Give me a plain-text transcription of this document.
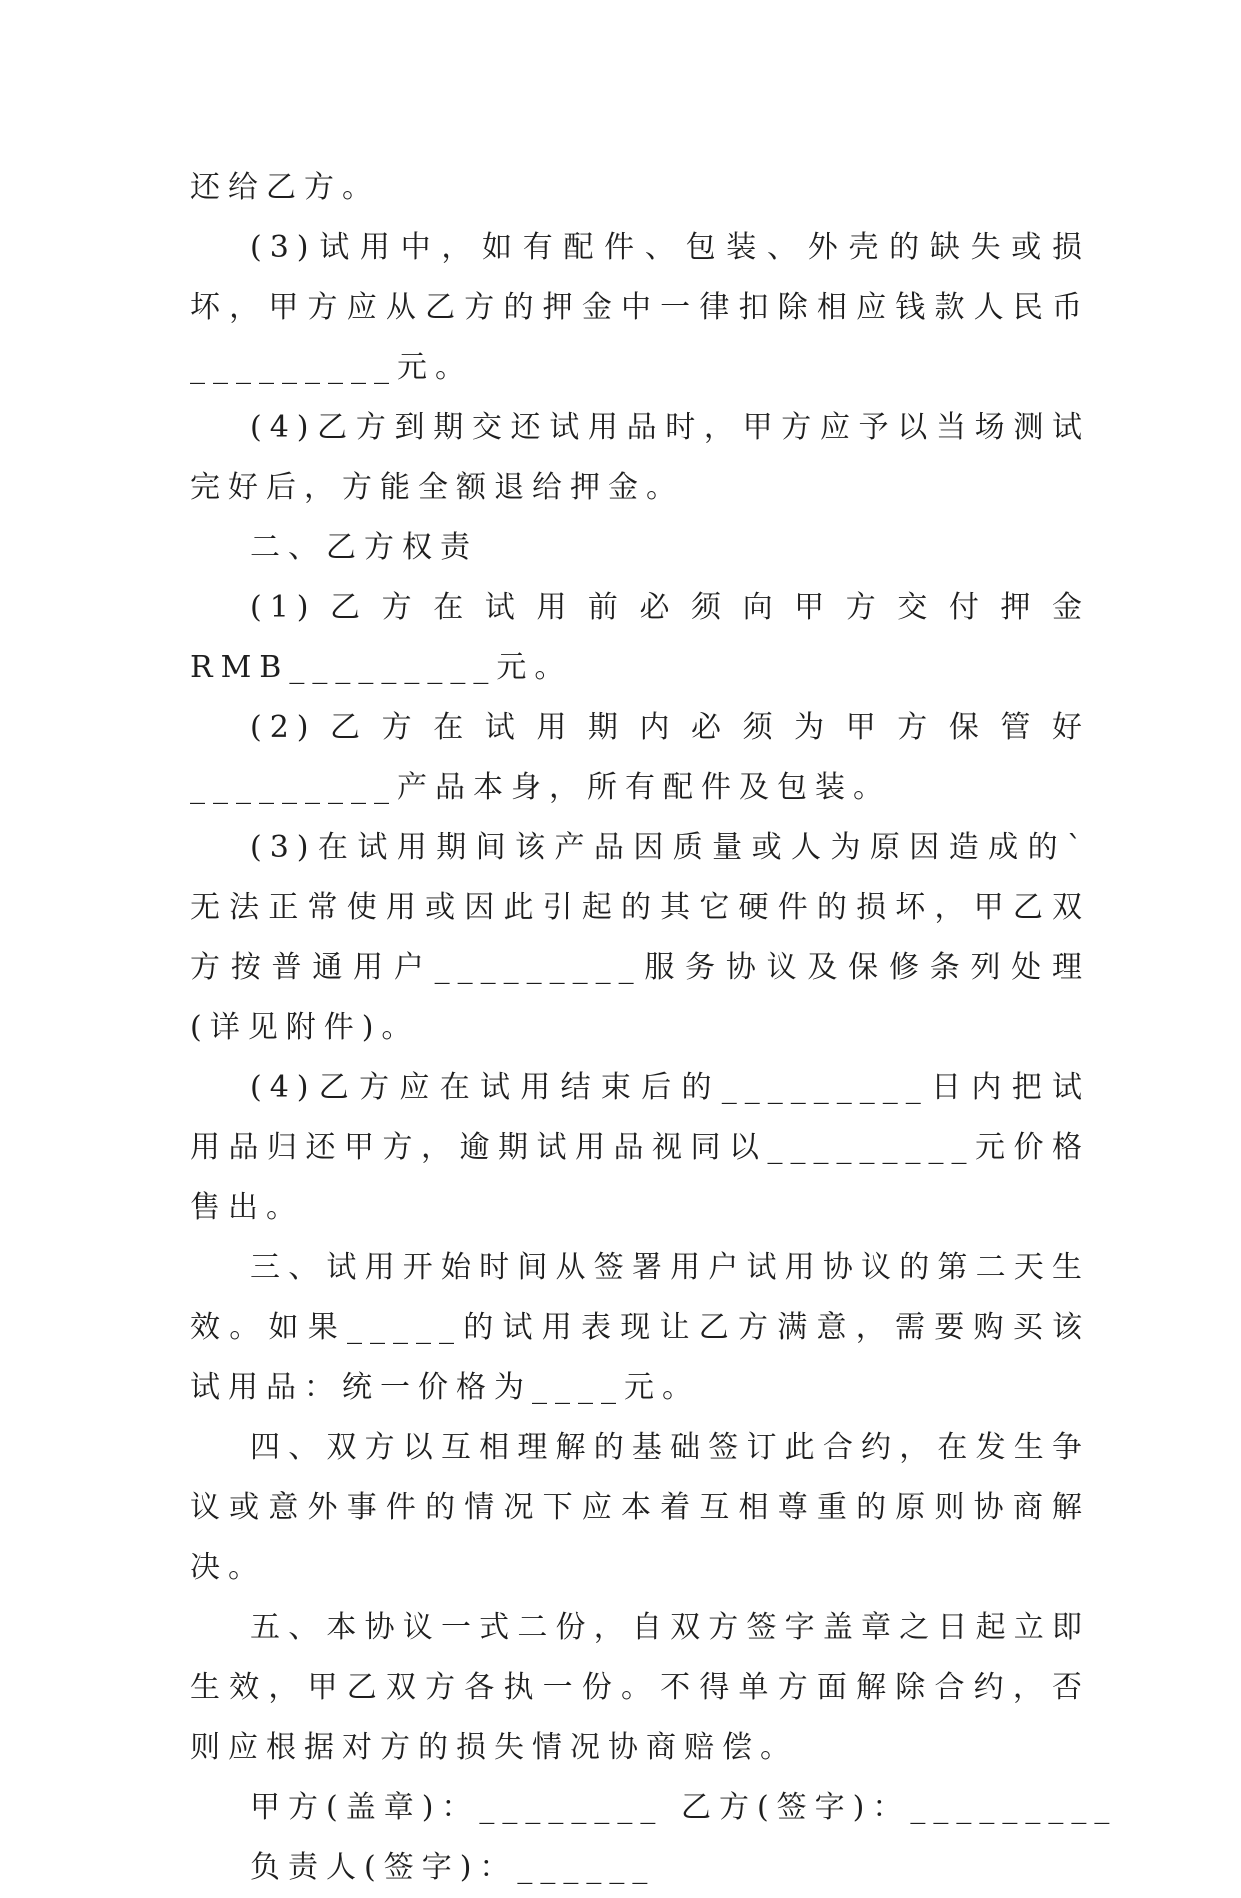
还给乙方。

(3)试用中，如有配件、包装、外壳的缺失或损坏，甲方应从乙方的押金中一律扣除相应钱款人民币_________元。

(4)乙方到期交还试用品时，甲方应予以当场测试完好后，方能全额退给押金。

二、乙方权责

(1)乙方在试用前必须向甲方交付押金RMB_________元。

(2)乙方在试用期内必须为甲方保管好_________产品本身，所有配件及包装。

(3)在试用期间该产品因质量或人为原因造成的`无法正常使用或因此引起的其它硬件的损坏，甲乙双方按普通用户_________服务协议及保修条列处理(详见附件)。

(4)乙方应在试用结束后的_________日内把试用品归还甲方，逾期试用品视同以_________元价格售出。

三、试用开始时间从签署用户试用协议的第二天生效。如果_____的试用表现让乙方满意，需要购买该试用品：统一价格为____元。

四、双方以互相理解的基础签订此合约，在发生争议或意外事件的情况下应本着互相尊重的原则协商解决。

五、本协议一式二份，自双方签字盖章之日起立即生效，甲乙双方各执一份。不得单方面解除合约，否则应根据对方的损失情况协商赔偿。

甲方(盖章)：________ 乙方(签字)：_________

负责人(签字)：______
